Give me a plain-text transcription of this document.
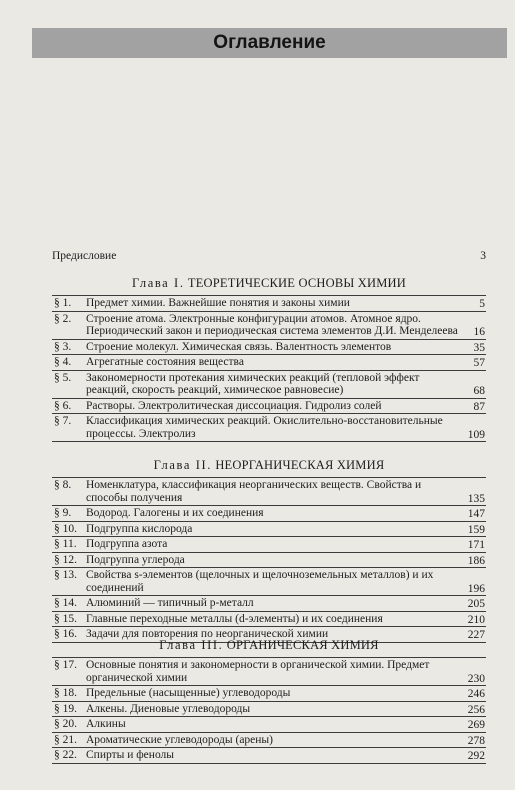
Оглавление
Предисловие	3
Глава I. ТЕОРЕТИЧЕСКИЕ ОСНОВЫ ХИМИИ
§ 1.	Предмет химии. Важнейшие понятия и законы химии	5
§ 2.	Строение атома. Электронные конфигурации атомов. Атомное ядро. Периодический закон и периодическая система элементов Д.И. Менделеева	16
§ 3.	Строение молекул. Химическая связь. Валентность элементов	35
§ 4.	Агрегатные состояния вещества	57
§ 5.	Закономерности протекания химических реакций (тепловой эффект реакций, скорость реакций, химическое равновесие)	68
§ 6.	Растворы. Электролитическая диссоциация. Гидролиз солей	87
§ 7.	Классификация химических реакций. Окислительно-восстановительные процессы. Электролиз	109
Глава II. НЕОРГАНИЧЕСКАЯ ХИМИЯ
§ 8.	Номенклатура, классификация неорганических веществ. Свойства и способы получения	135
§ 9.	Водород. Галогены и их соединения	147
§ 10. Подгруппа кислорода	159
§ 11. Подгруппа азота	171
§ 12. Подгруппа углерода	186
§ 13. Свойства s-элементов (щелочных и щелочноземельных металлов) и их соединений	196
§ 14. Алюминий — типичный p-металл	205
§ 15. Главные переходные металлы (d-элементы) и их соединения	210
§ 16. Задачи для повторения по неорганической химии	227
Глава III. ОРГАНИЧЕСКАЯ ХИМИЯ
§ 17. Основные понятия и закономерности в органической химии. Предмет органической химии	230
§ 18. Предельные (насыщенные) углеводороды	246
§ 19. Алкены. Диеновые углеводороды	256
§ 20. Алкины	269
§ 21. Ароматические углеводороды (арены)	278
§ 22. Спирты и фенолы	292
